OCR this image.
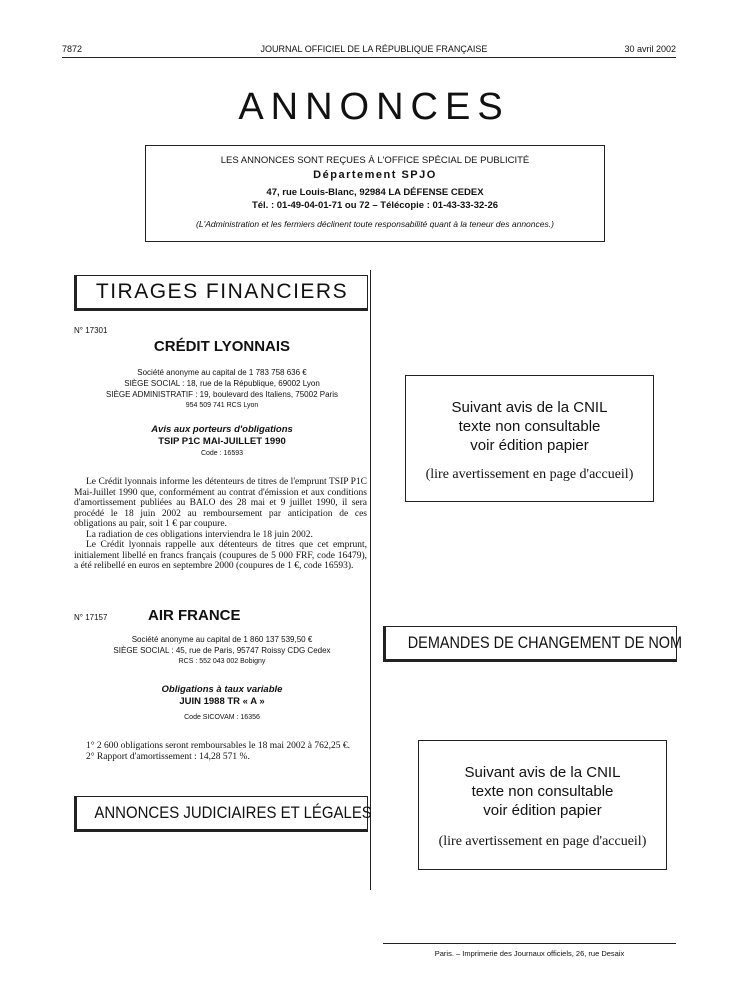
7872	JOURNAL OFFICIEL DE LA RÉPUBLIQUE FRANÇAISE	30 avril 2002
ANNONCES
LES ANNONCES SONT REÇUES À L'OFFICE SPÉCIAL DE PUBLICITÉ
Département SPJO
47, rue Louis-Blanc, 92984 LA DÉFENSE CEDEX
Tél. : 01-49-04-01-71 ou 72 – Télécopie : 01-43-33-32-26
(L'Administration et les fermiers déclinent toute responsabilité quant à la teneur des annonces.)
TIRAGES FINANCIERS
N° 17301
CRÉDIT LYONNAIS
Société anonyme au capital de 1 783 758 636 €
SIÈGE SOCIAL : 18, rue de la République, 69002 Lyon
SIÈGE ADMINISTRATIF : 19, boulevard des Italiens, 75002 Paris
954 509 741 RCS Lyon
Avis aux porteurs d'obligations
TSIP P1C MAI-JUILLET 1990
Code : 16593
Le Crédit lyonnais informe les détenteurs de titres de l'emprunt TSIP P1C Mai-Juillet 1990 que, conformément au contrat d'émission et aux conditions d'amortissement publiées au BALO des 28 mai et 9 juillet 1990, il sera procédé le 18 juin 2002 au remboursement par anticipation de ces obligations au pair, soit 1 € par coupure.
La radiation de ces obligations interviendra le 18 juin 2002.
Le Crédit lyonnais rappelle aux détenteurs de titres que cet emprunt, initialement libellé en francs français (coupures de 5 000 FRF, code 16479), a été relibellé en euros en septembre 2000 (coupures de 1 €, code 16593).
N° 17157	AIR FRANCE
Société anonyme au capital de 1 860 137 539,50 €
SIÈGE SOCIAL : 45, rue de Paris, 95747 Roissy CDG Cedex
RCS : 552 043 002 Bobigny
Obligations à taux variable
JUIN 1988 TR « A »
Code SICOVAM : 16356
1° 2 600 obligations seront remboursables le 18 mai 2002 à 762,25 €.
2° Rapport d'amortissement : 14,28 571 %.
ANNONCES JUDICIAIRES ET LÉGALES
Suivant avis de la CNIL
texte non consultable
voir édition papier
(lire avertissement en page d'accueil)
DEMANDES DE CHANGEMENT DE NOM
Suivant avis de la CNIL
texte non consultable
voir édition papier
(lire avertissement en page d'accueil)
Paris. – Imprimerie des Journaux officiels, 26, rue Desaix
